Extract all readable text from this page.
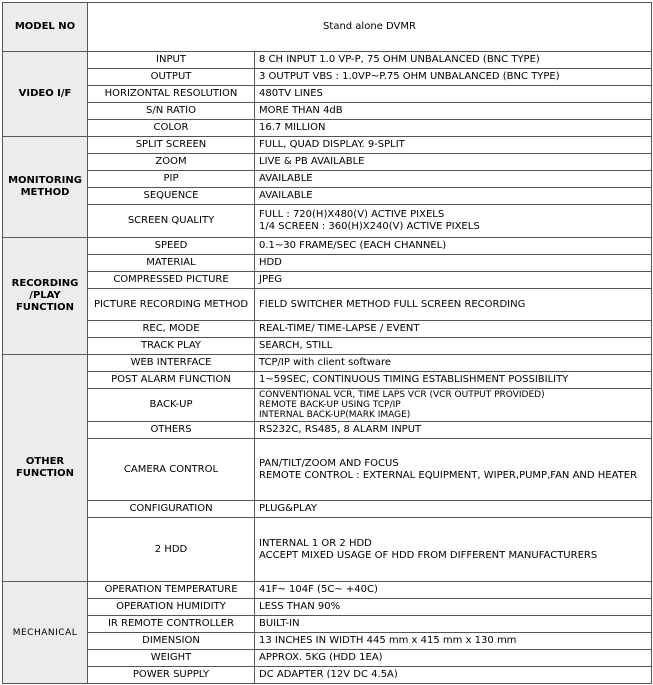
MODEL NO	Stand alone DVMR	
VIDEO I/F	INPUT	8 CH INPUT 1.0 VP-P, 75 OHM UNBALANCED (BNC TYPE)

	OUTPUT	3 OUTPUT VBS : 1.0VP~P.75 OHM UNBALANCED (BNC TYPE)

	HORIZONTAL RESOLUTION	480TV LINES

	S/N RATIO	MORE THAN 4dB

	COLOR	16.7 MILLION

MONITORING METHOD	SPLIT SCREEN	FULL, QUAD DISPLAY. 9-SPLIT

	ZOOM	LIVE & PB AVAILABLE

	PIP	AVAILABLE

	SEQUENCE	AVAILABLE

	SCREEN QUALITY	FULL : 720(H)X480(V) ACTIVE PIXELS
1/4 SCREEN : 360(H)X240(V) ACTIVE PIXELS

RECORDING /PLAY FUNCTION	SPEED	0.1~30 FRAME/SEC (EACH CHANNEL)

	MATERIAL	HDD

	COMPRESSED PICTURE	JPEG

	PICTURE RECORDING METHOD	FIELD SWITCHER METHOD FULL SCREEN RECORDING

	REC, MODE	REAL-TIME/ TIME-LAPSE / EVENT

	TRACK PLAY	SEARCH, STILL

OTHER FUNCTION	WEB INTERFACE	TCP/IP with client software

	POST ALARM FUNCTION	1~59SEC, CONTINUOUS TIMING ESTABLISHMENT POSSIBILITY

	BACK-UP	CONVENTIONAL VCR, TIME LAPS VCR (VCR OUTPUT PROVIDED)
REMOTE BACK-UP USING TCP/IP
INTERNAL BACK-UP(MARK IMAGE)

	OTHERS	RS232C, RS485, 8 ALARM INPUT

	CAMERA CONTROL	PAN/TILT/ZOOM AND FOCUS
REMOTE CONTROL : EXTERNAL EQUIPMENT, WIPER,PUMP,FAN AND HEATER

	CONFIGURATION	PLUG&PLAY

	2 HDD	INTERNAL 1 OR 2 HDD
ACCEPT MIXED USAGE OF HDD FROM DIFFERENT MANUFACTURERS

MECHANICAL	OPERATION TEMPERATURE	41F~ 104F (5C~ +40C)

	OPERATION HUMIDITY	LESS THAN 90%

	IR REMOTE CONTROLLER	BUILT-IN

	DIMENSION	13 INCHES IN WIDTH 445 mm x 415 mm x 130 mm

	WEIGHT	APPROX. 5KG (HDD 1EA)

	POWER SUPPLY	DC ADAPTER (12V DC 4.5A)
